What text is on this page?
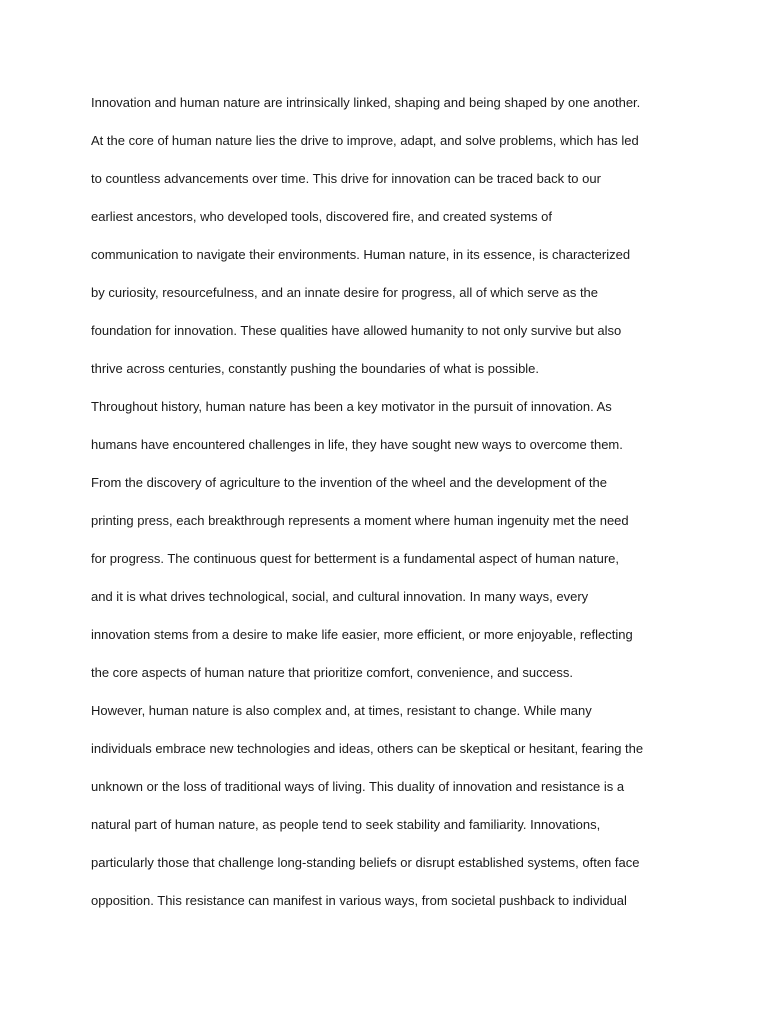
Innovation and human nature are intrinsically linked, shaping and being shaped by one another.
At the core of human nature lies the drive to improve, adapt, and solve problems, which has led
to countless advancements over time. This drive for innovation can be traced back to our
earliest ancestors, who developed tools, discovered fire, and created systems of
communication to navigate their environments. Human nature, in its essence, is characterized
by curiosity, resourcefulness, and an innate desire for progress, all of which serve as the
foundation for innovation. These qualities have allowed humanity to not only survive but also
thrive across centuries, constantly pushing the boundaries of what is possible.
Throughout history, human nature has been a key motivator in the pursuit of innovation. As
humans have encountered challenges in life, they have sought new ways to overcome them.
From the discovery of agriculture to the invention of the wheel and the development of the
printing press, each breakthrough represents a moment where human ingenuity met the need
for progress. The continuous quest for betterment is a fundamental aspect of human nature,
and it is what drives technological, social, and cultural innovation. In many ways, every
innovation stems from a desire to make life easier, more efficient, or more enjoyable, reflecting
the core aspects of human nature that prioritize comfort, convenience, and success.
However, human nature is also complex and, at times, resistant to change. While many
individuals embrace new technologies and ideas, others can be skeptical or hesitant, fearing the
unknown or the loss of traditional ways of living. This duality of innovation and resistance is a
natural part of human nature, as people tend to seek stability and familiarity. Innovations,
particularly those that challenge long-standing beliefs or disrupt established systems, often face
opposition. This resistance can manifest in various ways, from societal pushback to individual
